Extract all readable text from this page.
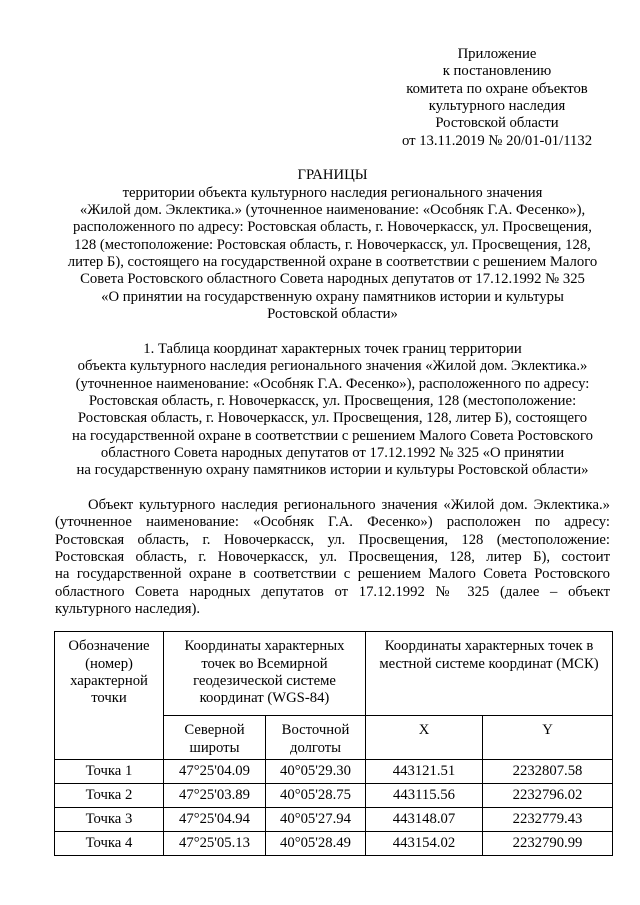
Приложение
к постановлению
комитета по охране объектов
культурного наследия
Ростовской области
от 13.11.2019 № 20/01-01/1132
ГРАНИЦЫ
территории объекта культурного наследия регионального значения
«Жилой дом. Эклектика.» (уточненное наименование: «Особняк Г.А. Фесенко»),
расположенного по адресу: Ростовская область, г. Новочеркасск, ул. Просвещения,
128 (местоположение: Ростовская область, г. Новочеркасск, ул. Просвещения, 128,
литер Б), состоящего на государственной охране в соответствии с решением Малого
Совета Ростовского областного Совета народных депутатов от 17.12.1992 № 325
«О принятии на государственную охрану памятников истории и культуры
Ростовской области»
1. Таблица координат характерных точек границ территории
объекта культурного наследия регионального значения «Жилой дом. Эклектика.»
(уточненное наименование: «Особняк Г.А. Фесенко»), расположенного по адресу:
Ростовская область, г. Новочеркасск, ул. Просвещения, 128 (местоположение:
Ростовская область, г. Новочеркасск, ул. Просвещения, 128, литер Б), состоящего
на государственной охране в соответствии с решением Малого Совета Ростовского
областного Совета народных депутатов от 17.12.1992 № 325 «О принятии
на государственную охрану памятников истории и культуры Ростовской области»
Объект культурного наследия регионального значения «Жилой дом. Эклектика.»
(уточненное наименование: «Особняк Г.А. Фесенко») расположен по адресу:
Ростовская область, г. Новочеркасск, ул. Просвещения, 128 (местоположение:
Ростовская область, г. Новочеркасск, ул. Просвещения, 128, литер Б), состоит
на государственной охране в соответствии с решением Малого Совета Ростовского
областного Совета народных депутатов от 17.12.1992 № 325 (далее – объект
культурного наследия).
Обозначение
(номер)
характерной
точки	Координаты характерных
точек во Всемирной
геодезической системе
координат (WGS-84)		Координаты характерных точек в
местной системе координат (МСК)	
	Северной
широты	Восточной
долготы	X	Y
Точка 1	47°25'04.09	40°05'29.30	443121.51	2232807.58
Точка 2	47°25'03.89	40°05'28.75	443115.56	2232796.02
Точка 3	47°25'04.94	40°05'27.94	443148.07	2232779.43
Точка 4	47°25'05.13	40°05'28.49	443154.02	2232790.99
